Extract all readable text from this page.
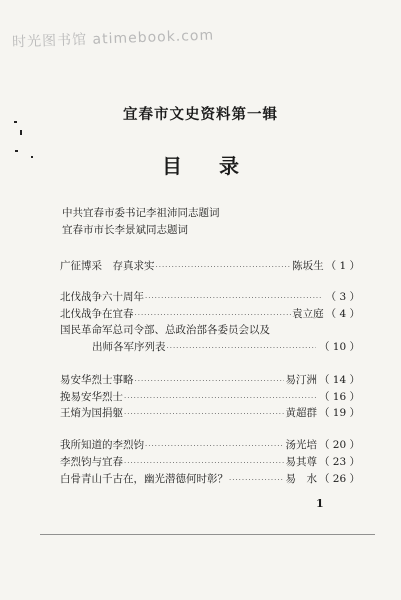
时光图书馆 atimebook.com
宜春市文史资料第一辑
目 录
中共宜春市委书记李祖沛同志题词
宜春市市长李景斌同志题词
广征博采　存真求实 ·····	陈坂生 （ 1 ）
北伐战争六十周年 ·····	（ 3 ）
北伐战争在宜春 ·····	袁立庭 （ 4 ）
国民革命军总司令部、总政治部各委员会以及
出师各军序列表 ·····	（ 10 ）
易安华烈士事略 ·····	易汀洲 （ 14 ）
挽易安华烈士 ·····	（ 16 ）
王焴为国捐躯 ·····	黄超群 （ 19 ）
我所知道的李烈钧 ·····	汤光培 （ 20 ）
李烈钧与宜春 ·····	易其尊 （ 23 ）
白骨青山千古在，幽光潜德何时彰？ ·····	易　水 （ 26 ）
1
